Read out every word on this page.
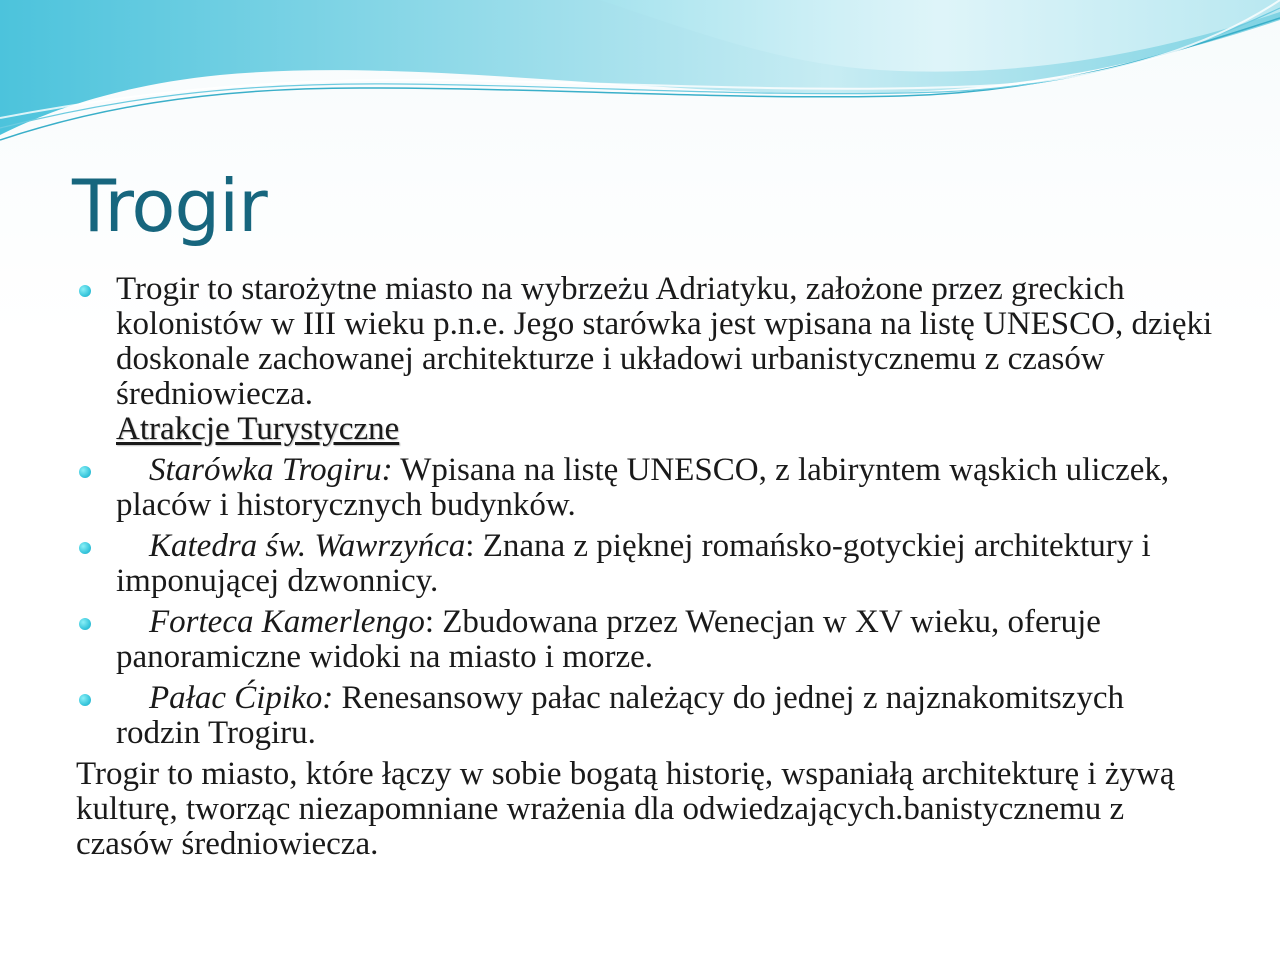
Trogir
Trogir to starożytne miasto na wybrzeżu Adriatyku, założone przez greckich kolonistów w III wieku p.n.e. Jego starówka jest wpisana na listę UNESCO, dzięki doskonale zachowanej architekturze i układowi urbanistycznemu z czasów średniowiecza.
Atrakcje Turystyczne
Starówka Trogiru: Wpisana na listę UNESCO, z labiryntem wąskich uliczek, placów i historycznych budynków.
Katedra św. Wawrzyńca: Znana z pięknej romańsko-gotyckiej architektury i imponującej dzwonnicy.
Forteca Kamerlengo: Zbudowana przez Wenecjan w XV wieku, oferuje panoramiczne widoki na miasto i morze.
Pałac Ćipiko: Renesansowy pałac należący do jednej z najznakomitszych rodzin Trogiru.

Trogir to miasto, które łączy w sobie bogatą historię, wspaniałą architekturę i żywą kulturę, tworząc niezapomniane wrażenia dla odwiedzających.banistycznemu z czasów średniowiecza.
